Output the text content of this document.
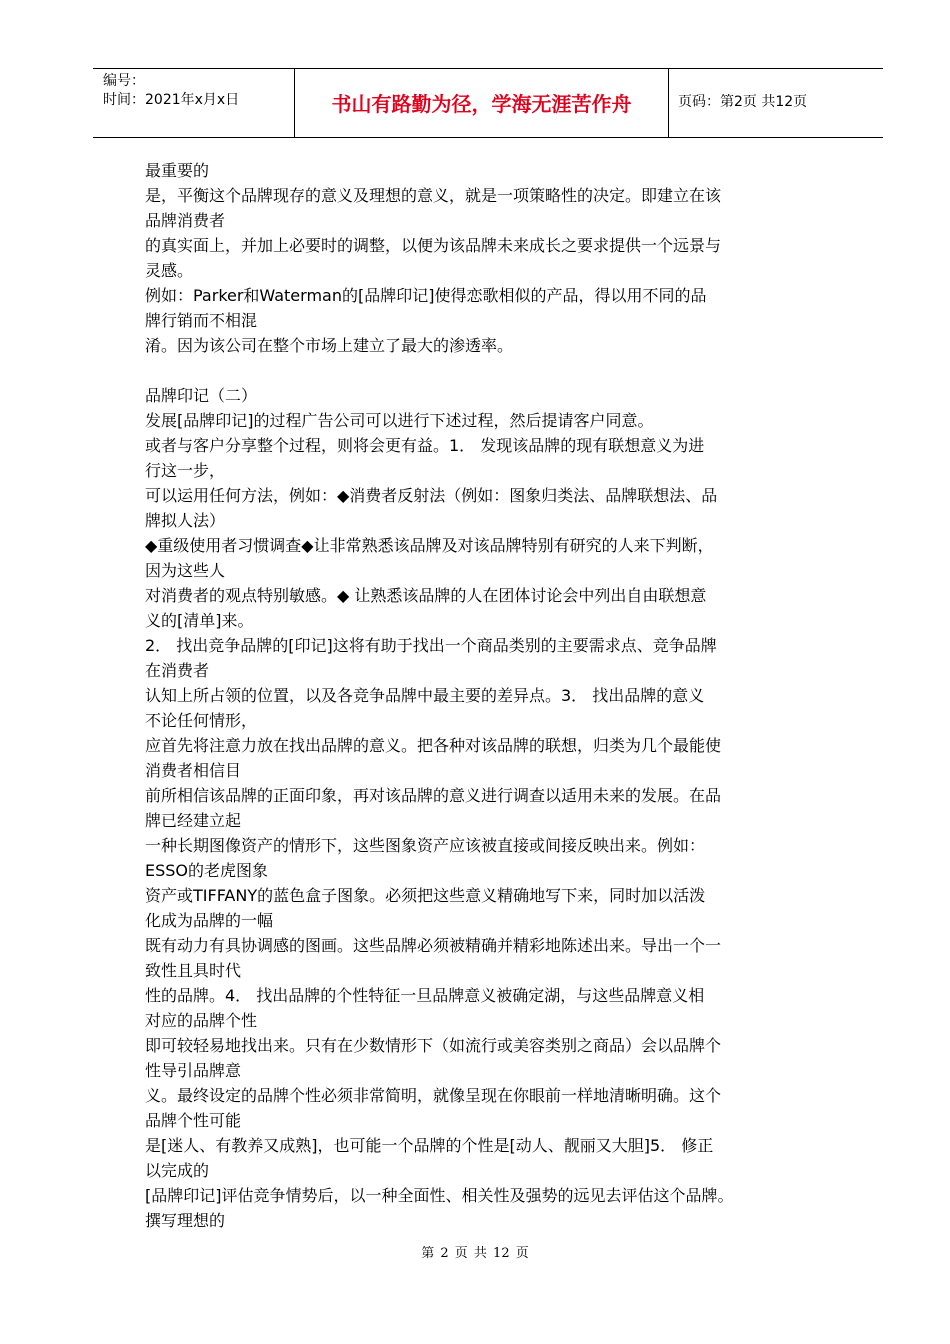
编号：
时间：2021年x月x日	书山有路勤为径，学海无涯苦作舟	页码：第2页 共12页
最重要的
是，平衡这个品牌现存的意义及理想的意义，就是一项策略性的决定。即建立在该
品牌消费者
的真实面上，并加上必要时的调整，以便为该品牌未来成长之要求提供一个远景与
灵感。
例如：Parker和Waterman的[品牌印记]使得恋歌相似的产品，得以用不同的品
牌行销而不相混
淆。因为该公司在整个市场上建立了最大的渗透率。
品牌印记（二）
发展[品牌印记]的过程广告公司可以进行下述过程，然后提请客户同意。
或者与客户分享整个过程，则将会更有益。1． 发现该品牌的现有联想意义为进
行这一步，
可以运用任何方法，例如：◆消费者反射法（例如：图象归类法、品牌联想法、品
牌拟人法）
◆重级使用者习惯调查◆让非常熟悉该品牌及对该品牌特别有研究的人来下判断，
因为这些人
对消费者的观点特别敏感。◆ 让熟悉该品牌的人在团体讨论会中列出自由联想意
义的[清单]来。
2． 找出竞争品牌的[印记]这将有助于找出一个商品类别的主要需求点、竞争品牌
在消费者
认知上所占领的位置，以及各竞争品牌中最主要的差异点。3． 找出品牌的意义
不论任何情形，
应首先将注意力放在找出品牌的意义。把各种对该品牌的联想，归类为几个最能使
消费者相信目
前所相信该品牌的正面印象，再对该品牌的意义进行调查以适用未来的发展。在品
牌已经建立起
一种长期图像资产的情形下，这些图象资产应该被直接或间接反映出来。例如：
ESSO的老虎图象
资产或TIFFANY的蓝色盒子图象。必须把这些意义精确地写下来，同时加以活泼
化成为品牌的一幅
既有动力有具协调感的图画。这些品牌必须被精确并精彩地陈述出来。导出一个一
致性且具时代
性的品牌。4． 找出品牌的个性特征一旦品牌意义被确定湖，与这些品牌意义相
对应的品牌个性
即可较轻易地找出来。只有在少数情形下（如流行或美容类别之商品）会以品牌个
性导引品牌意
义。最终设定的品牌个性必须非常简明，就像呈现在你眼前一样地清晰明确。这个
品牌个性可能
是[迷人、有教养又成熟]，也可能一个品牌的个性是[动人、靓丽又大胆]5． 修正
以完成的
[品牌印记]评估竞争情势后，以一种全面性、相关性及强势的远见去评估这个品牌。
撰写理想的
第 2 页 共 12 页
